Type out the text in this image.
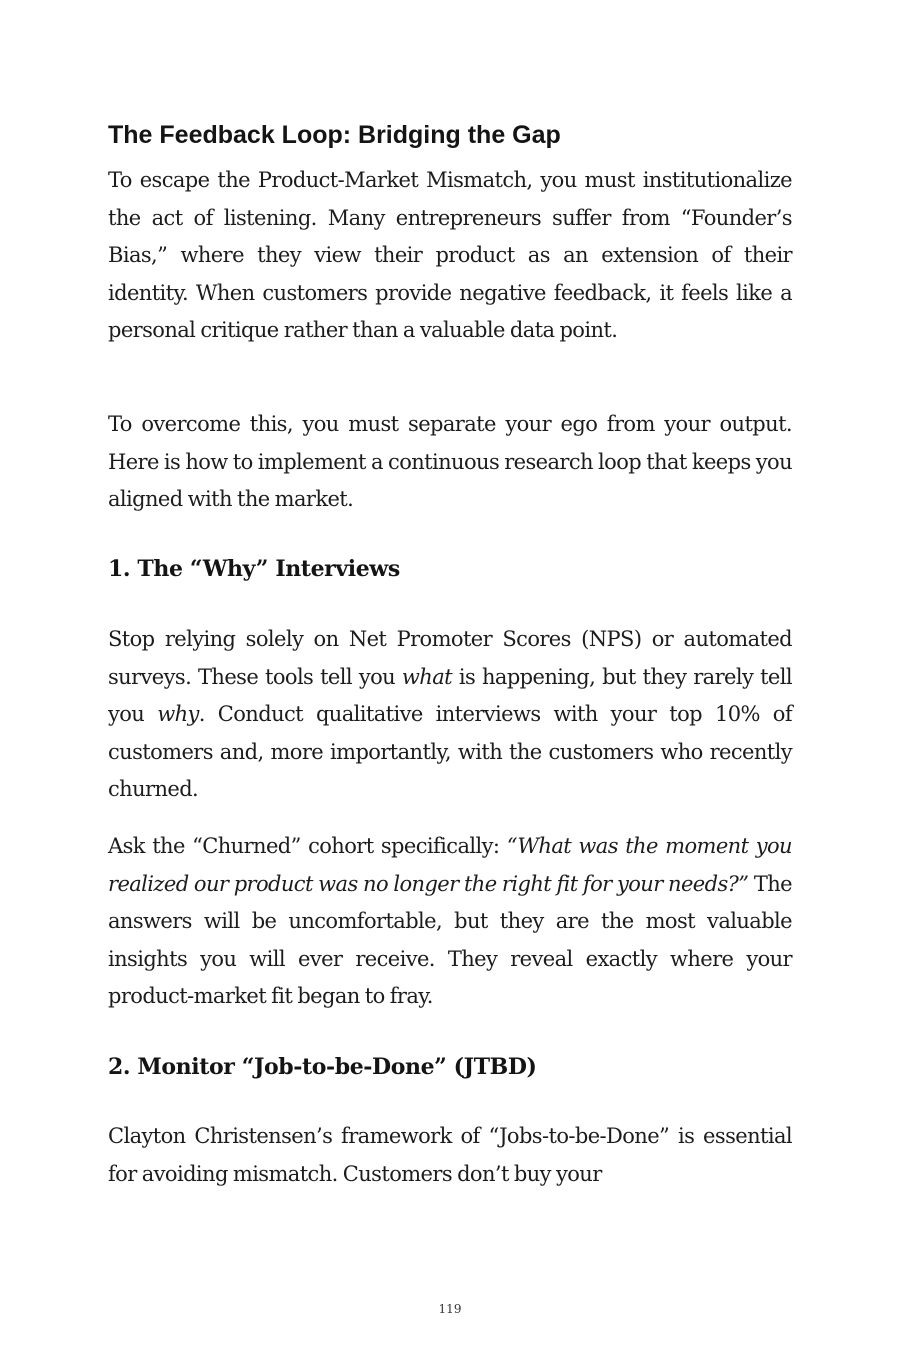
The Feedback Loop: Bridging the Gap

To escape the Product-Market Mismatch, you must institutionalize the act of listening. Many entrepreneurs suffer from “Founder’s Bias,” where they view their product as an extension of their identity. When customers provide negative feedback, it feels like a personal critique rather than a valuable data point.

To overcome this, you must separate your ego from your output. Here is how to implement a continuous research loop that keeps you aligned with the market.

1. The “Why” Interviews

Stop relying solely on Net Promoter Scores (NPS) or automated surveys. These tools tell you what is happening, but they rarely tell you why. Conduct qualitative interviews with your top 10% of customers and, more importantly, with the customers who recently churned.

Ask the “Churned” cohort specifically: “What was the moment you realized our product was no longer the right fit for your needs?” The answers will be uncomfortable, but they are the most valuable insights you will ever receive. They reveal exactly where your product-market fit began to fray.

2. Monitor “Job-to-be-Done” (JTBD)

Clayton Christensen’s framework of “Jobs-to-be-Done” is essential for avoiding mismatch. Customers don’t buy your

119
